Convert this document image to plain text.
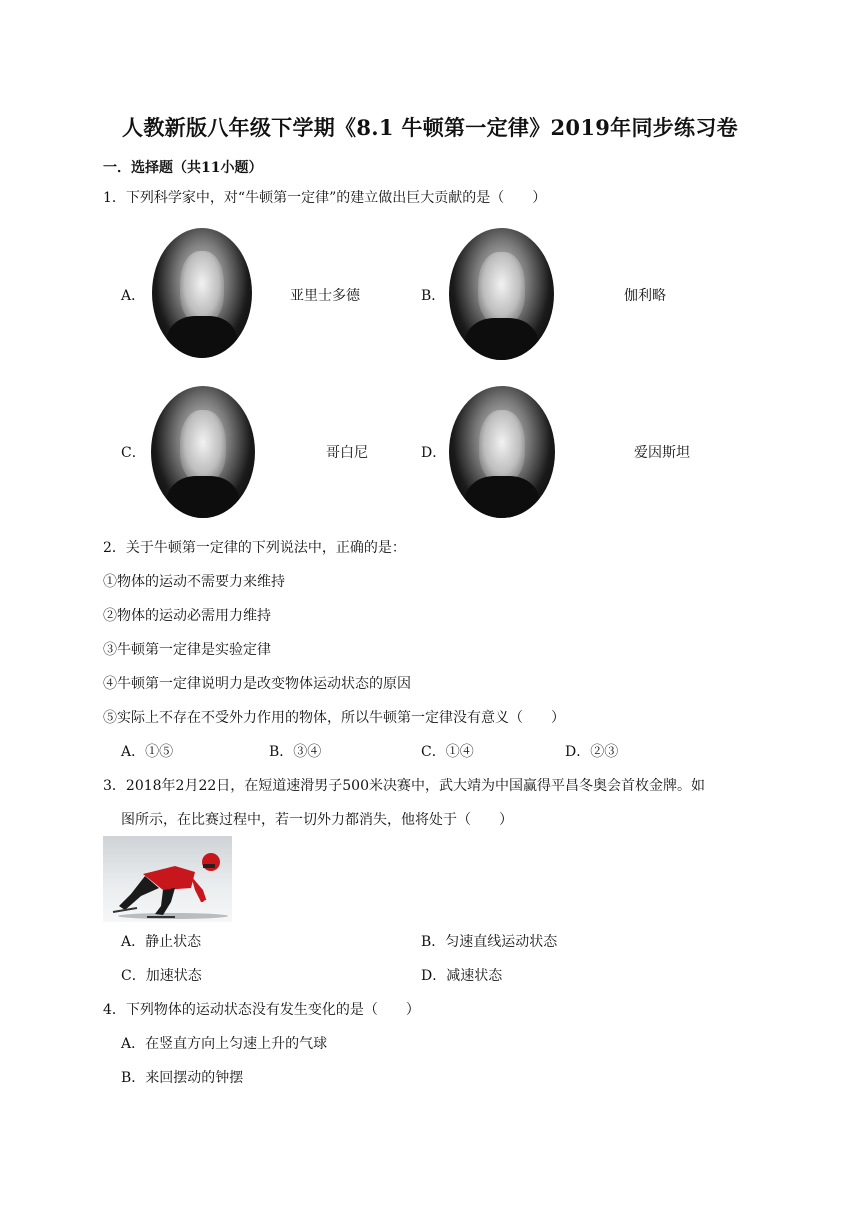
人教新版八年级下学期《8.1 牛顿第一定律》2019年同步练习卷
一．选择题（共11小题）
1．下列科学家中，对“牛顿第一定律”的建立做出巨大贡献的是（　　）
A．	亚里士多德	B．	伽利略
C．	哥白尼	D．	爱因斯坦
2．关于牛顿第一定律的下列说法中，正确的是：
①物体的运动不需要力来维持
②物体的运动必需用力维持
③牛顿第一定律是实验定律
④牛顿第一定律说明力是改变物体运动状态的原因
⑤实际上不存在不受外力作用的物体，所以牛顿第一定律没有意义（　　）
A．①⑤	B．③④	C．①④	D．②③
3．2018年2月22日，在短道速滑男子500米决赛中，武大靖为中国赢得平昌冬奥会首枚金牌。如
图所示，在比赛过程中，若一切外力都消失，他将处于（　　）
A．静止状态	B．匀速直线运动状态
C．加速状态	D．减速状态
4．下列物体的运动状态没有发生变化的是（　　）
A．在竖直方向上匀速上升的气球
B．来回摆动的钟摆
